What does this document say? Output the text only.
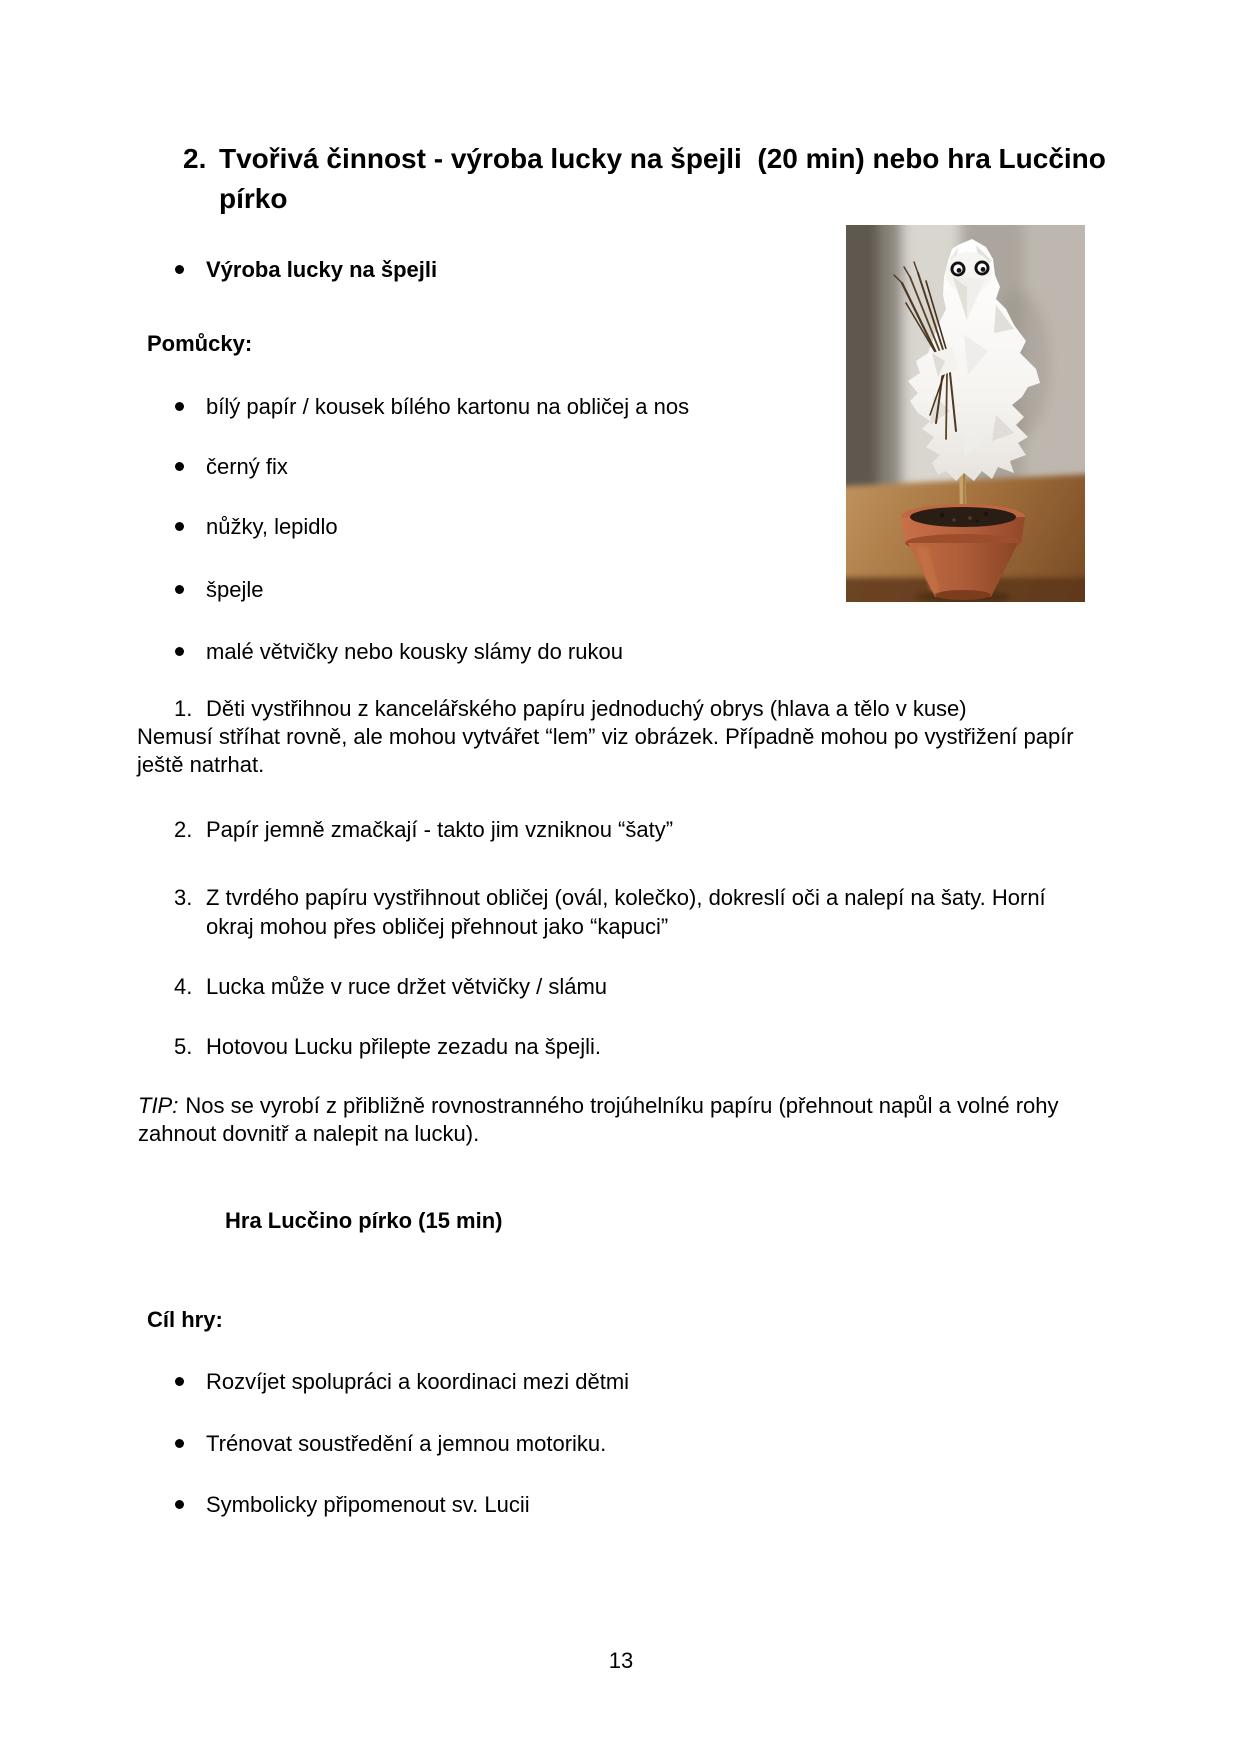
2. Tvořivá činnost - výroba lucky na špejli  (20 min) nebo hra Lucčino pírko
Výroba lucky na špejli
Pomůcky:
bílý papír / kousek bílého kartonu na obličej a nos
černý fix
nůžky, lepidlo
špejle
malé větvičky nebo kousky slámy do rukou
1. Děti vystřihnou z kancelářského papíru jednoduchý obrys (hlava a tělo v kuse)
Nemusí stříhat rovně, ale mohou vytvářet “lem” viz obrázek. Případně mohou po vystřižení papír ještě natrhat.
2. Papír jemně zmačkají - takto jim vzniknou “šaty”
3. Z tvrdého papíru vystřihnout obličej (ovál, kolečko), dokreslí oči a nalepí na šaty. Horní okraj mohou přes obličej přehnout jako “kapuci”
4. Lucka může v ruce držet větvičky / slámu
5. Hotovou Lucku přilepte zezadu na špejli.
TIP: Nos se vyrobí z přibližně rovnostranného trojúhelníku papíru (přehnout napůl a volné rohy zahnout dovnitř a nalepit na lucku).
Hra Lucčino pírko (15 min)
Cíl hry:
Rozvíjet spolupráci a koordinaci mezi dětmi
Trénovat soustředění a jemnou motoriku.
Symbolicky připomenout sv. Lucii
13
